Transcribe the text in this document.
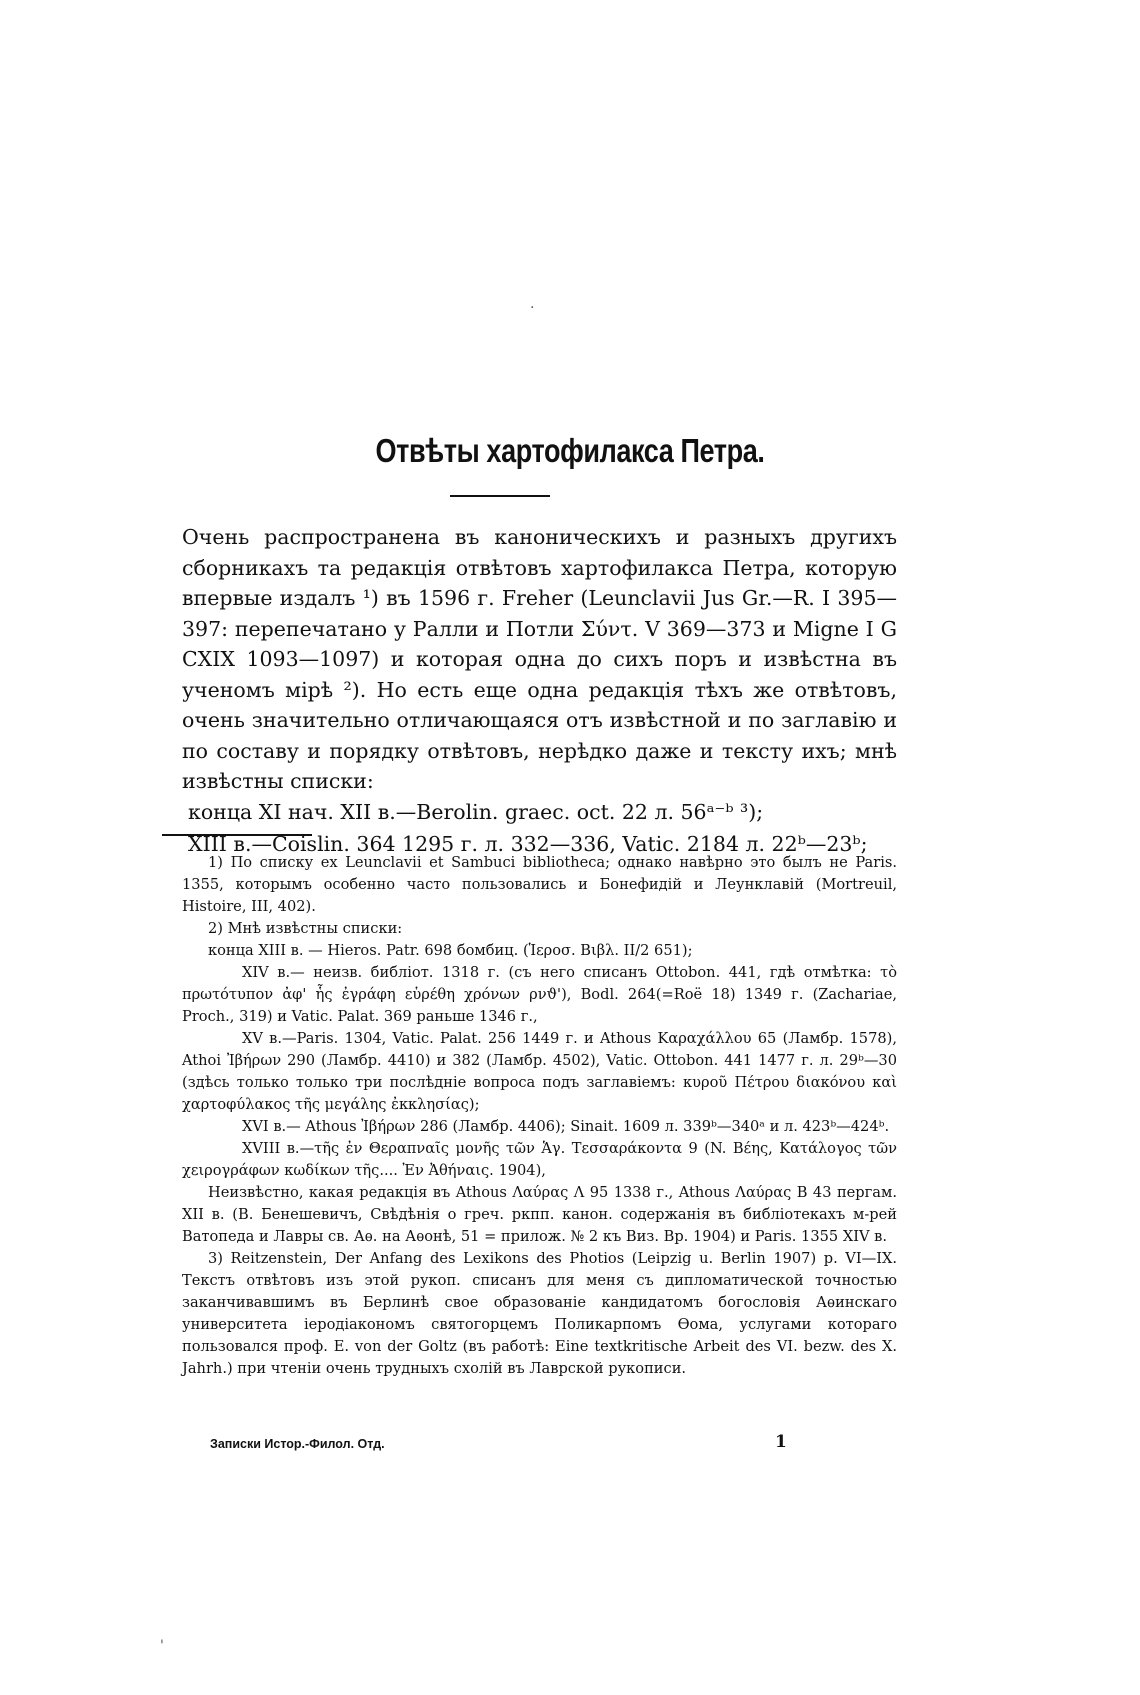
.
Отвѣты хартофилакса Петра.

Очень распространена въ каноническихъ и разныхъ другихъ сборникахъ та редакція отвѣтовъ хартофилакса Петра, которую впервые издалъ ¹) въ 1596 г. Freher (Leunclavii Jus Gr.—R. I 395—397: перепечатано у Ралли и Потли Σύντ. V 369—373 и Migne I G CXIX 1093—1097) и которая одна до сихъ поръ и извѣстна въ ученомъ мірѣ ²). Но есть еще одна редакція тѣхъ же отвѣтовъ, очень значительно отличающаяся отъ извѣстной и по заглавію и по составу и порядку отвѣтовъ, нерѣдко даже и тексту ихъ; мнѣ извѣстны списки:

конца XI нач. XII в.—Berolin. graec. oct. 22 л. 56ᵃ⁻ᵇ ³);

XIII в.—Coislin. 364 1295 г. л. 332—336, Vatic. 2184 л. 22ᵇ—23ᵇ;

1) По списку ex Leunclavii et Sambuci bibliotheca; однако навѣрно это былъ не Paris. 1355, которымъ особенно часто пользовались и Бонефидій и Леунклавій (Mortreuil, Histoire, III, 402).

2) Мнѣ извѣстны списки:

конца XIII в. — Hieros. Patr. 698 бомбиц. (Ἱεροσ. Βιβλ. II/2 651);

XIV в.— неизв. библіот. 1318 г. (съ него списанъ Ottobon. 441, гдѣ отмѣтка: τὸ πρωτότυπον ἀφ' ἧς ἐγράφη εὑρέθη χρόνων ρνϑ'), Bodl. 264(=Roë 18) 1349 г. (Zachariae, Proch., 319) и Vatic. Palat. 369 раньше 1346 г.,

XV в.—Paris. 1304, Vatic. Palat. 256 1449 г. и Athous Καραχάλλου 65 (Ламбр. 1578), Athoi Ἰβήρων 290 (Ламбр. 4410) и 382 (Ламбр. 4502), Vatic. Ottobon. 441 1477 г. л. 29ᵇ—30 (здѣсь только только три послѣдніе вопроса подъ заглавіемъ: κυροῦ Πέτρου διακόνου καὶ χαρτοφύλακος τῆς μεγάλης ἐκκλησίας);

XVI в.— Athous Ἰβήρων 286 (Ламбр. 4406); Sinait. 1609 л. 339ᵇ—340ᵃ и л. 423ᵇ—424ᵇ.

XVIII в.—τῆς ἐν Θεραπναῖς μονῆς τῶν Ἁγ. Τεσσαράκοντα 9 (N. Βέης, Κατάλογος τῶν χειρογράφων κωδίκων τῆς.... Ἐν Ἀθήναις. 1904),

Неизвѣстно, какая редакція въ Athous Λαύρας Λ 95 1338 г., Athous Λαύρας Β 43 пергам. XII в. (В. Бенешевичъ, Свѣдѣнія о греч. ркпп. канон. содержанія въ библіотекахъ м-рей Ватопеда и Лавры св. Аѳ. на Аѳонѣ, 51 = прилож. № 2 къ Виз. Вр. 1904) и Paris. 1355 XIV в.

3) Reitzenstein, Der Anfang des Lexikons des Photios (Leipzig u. Berlin 1907) p. VI—IX. Текстъ отвѣтовъ изъ этой рукоп. списанъ для меня съ дипломатической точностью заканчивавшимъ въ Берлинѣ свое образованіе кандидатомъ богословія Аѳинскаго университета іеродіакономъ святогорцемъ Поликарпомъ Ѳома, услугами котораго пользовался проф. E. von der Goltz (въ работѣ: Eine textkritische Arbeit des VI. bezw. des X. Jahrh.) при чтеніи очень трудныхъ схолій въ Лаврской рукописи.

Записки Истор.-Филол. Отд.	1
'
